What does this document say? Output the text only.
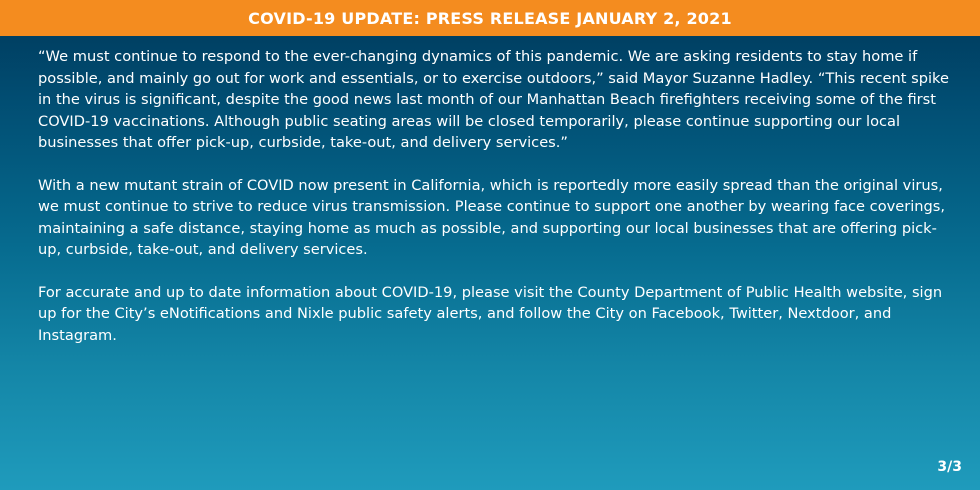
COVID-19 UPDATE: PRESS RELEASE JANUARY 2, 2021

“We must continue to respond to the ever-changing dynamics of this pandemic. We are asking residents to stay home if possible, and mainly go out for work and essentials, or to exercise outdoors,” said Mayor Suzanne Hadley. “This recent spike in the virus is significant, despite the good news last month of our Manhattan Beach firefighters receiving some of the first COVID-19 vaccinations. Although public seating areas will be closed temporarily, please continue supporting our local businesses that offer pick-up, curbside, take-out, and delivery services.”

With a new mutant strain of COVID now present in California, which is reportedly more easily spread than the original virus, we must continue to strive to reduce virus transmission. Please continue to support one another by wearing face coverings, maintaining a safe distance, staying home as much as possible, and supporting our local businesses that are offering pick-up, curbside, take-out, and delivery services.

For accurate and up to date information about COVID-19, please visit the County Department of Public Health website, sign up for the City’s eNotifications and Nixle public safety alerts, and follow the City on Facebook, Twitter, Nextdoor, and Instagram.

3/3
